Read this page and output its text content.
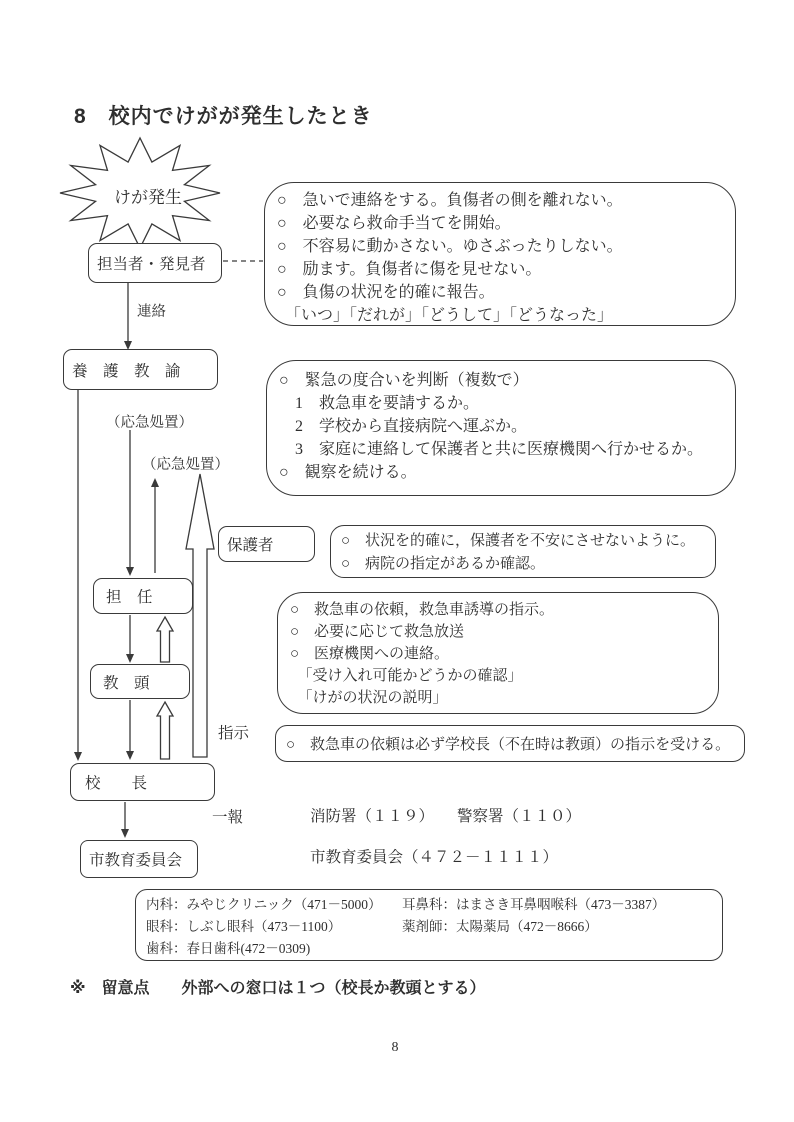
8　校内でけがが発生したとき
けが発生
担当者・発見者
養　護　教　諭
保護者
担　任
教　頭
校　　長
市教育委員会
連絡
（応急処置）
（応急処置）
指示
一報
○　急いで連絡をする。負傷者の側を離れない。
○　必要なら救命手当てを開始。
○　不容易に動かさない。ゆさぶったりしない。
○　励ます。負傷者に傷を見せない。
○　負傷の状況を的確に報告。
　「いつ」「だれが」「どうして」「どうなった」
○　緊急の度合いを判断（複数で）
　1　救急車を要請するか。
　2　学校から直接病院へ運ぶか。
　3　家庭に連絡して保護者と共に医療機関へ行かせるか。
○　観察を続ける。
○　状況を的確に，保護者を不安にさせないように。
○　病院の指定があるか確認。
○　救急車の依頼，救急車誘導の指示。
○　必要に応じて救急放送
○　医療機関への連絡。
　「受け入れ可能かどうかの確認」
　「けがの状況の説明」
○　救急車の依頼は必ず学校長（不在時は教頭）の指示を受ける。
消防署（１１９） 警察署（１１０）
市教育委員会（４７２－１１１１）
内科：みやじクリニック（471－5000）	耳鼻科：はまさき耳鼻咽喉科（473－3387）
眼科：しぶし眼科（473－1100）	薬剤師：太陽薬局（472－8666）
歯科：春日歯科(472－0309)
※　留意点　　外部への窓口は１つ（校長か教頭とする）
8
